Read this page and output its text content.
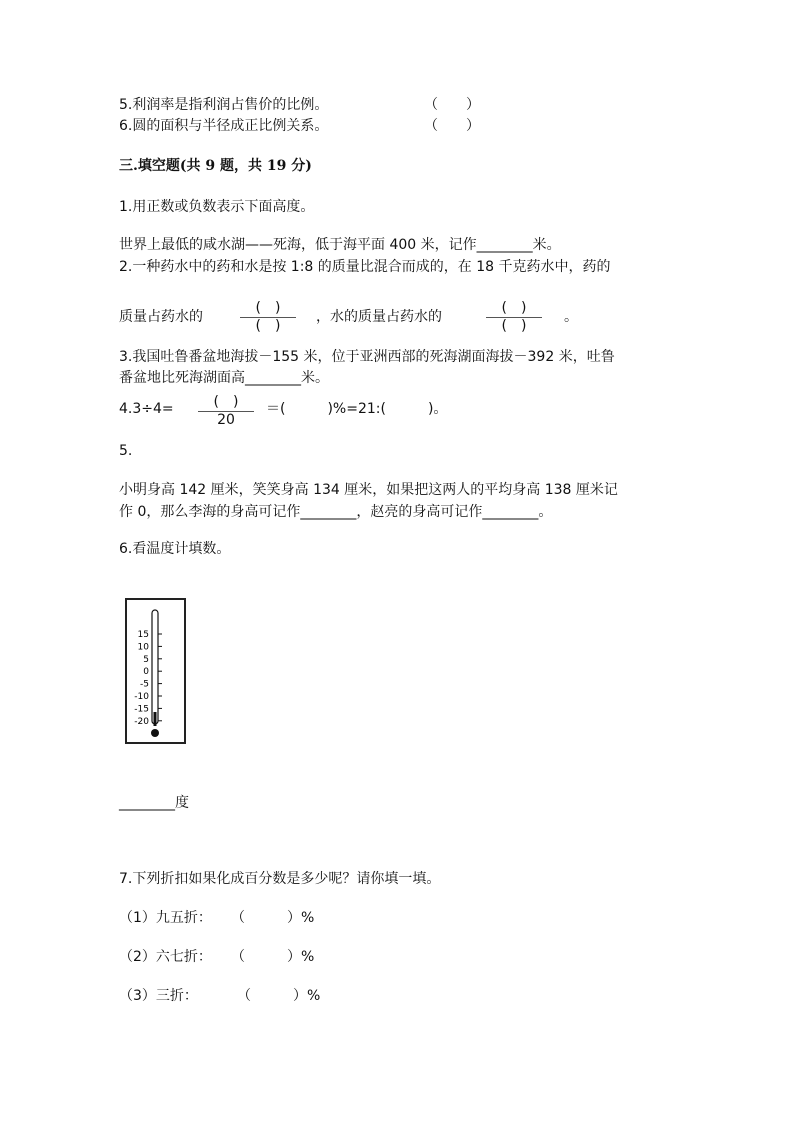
5.利润率是指利润占售价的比例。	（　　）
6.圆的面积与半径成正比例关系。	（　　）
三.填空题(共 9 题，共 19 分)
1.用正数或负数表示下面高度。
世界上最低的咸水湖——死海，低于海平面 400 米，记作________米。
2.一种药水中的药和水是按 1:8 的质量比混合而成的，在 18 千克药水中，药的
质量占药水的
(　)
(　)
，水的质量占药水的
(　)
(　)
。
3.我国吐鲁番盆地海拔－155 米，位于亚洲西部的死海湖面海拔－392 米，吐鲁
番盆地比死海湖面高________米。
4.3÷4=	(　)
20
＝(　　　)%=21:(　　　)。
5.
小明身高 142 厘米，笑笑身高 134 厘米，如果把这两人的平均身高 138 厘米记
作 0，那么李海的身高可记作________，赵亮的身高可记作________。
6.看温度计填数。
15
10
5
0
-5
-10
-15
-20
________度
7.下列折扣如果化成百分数是多少呢？请你填一填。
（1）九五折： （　　　）%
（2）六七折： （　　　）%
（3）三折：	（　　　）%
